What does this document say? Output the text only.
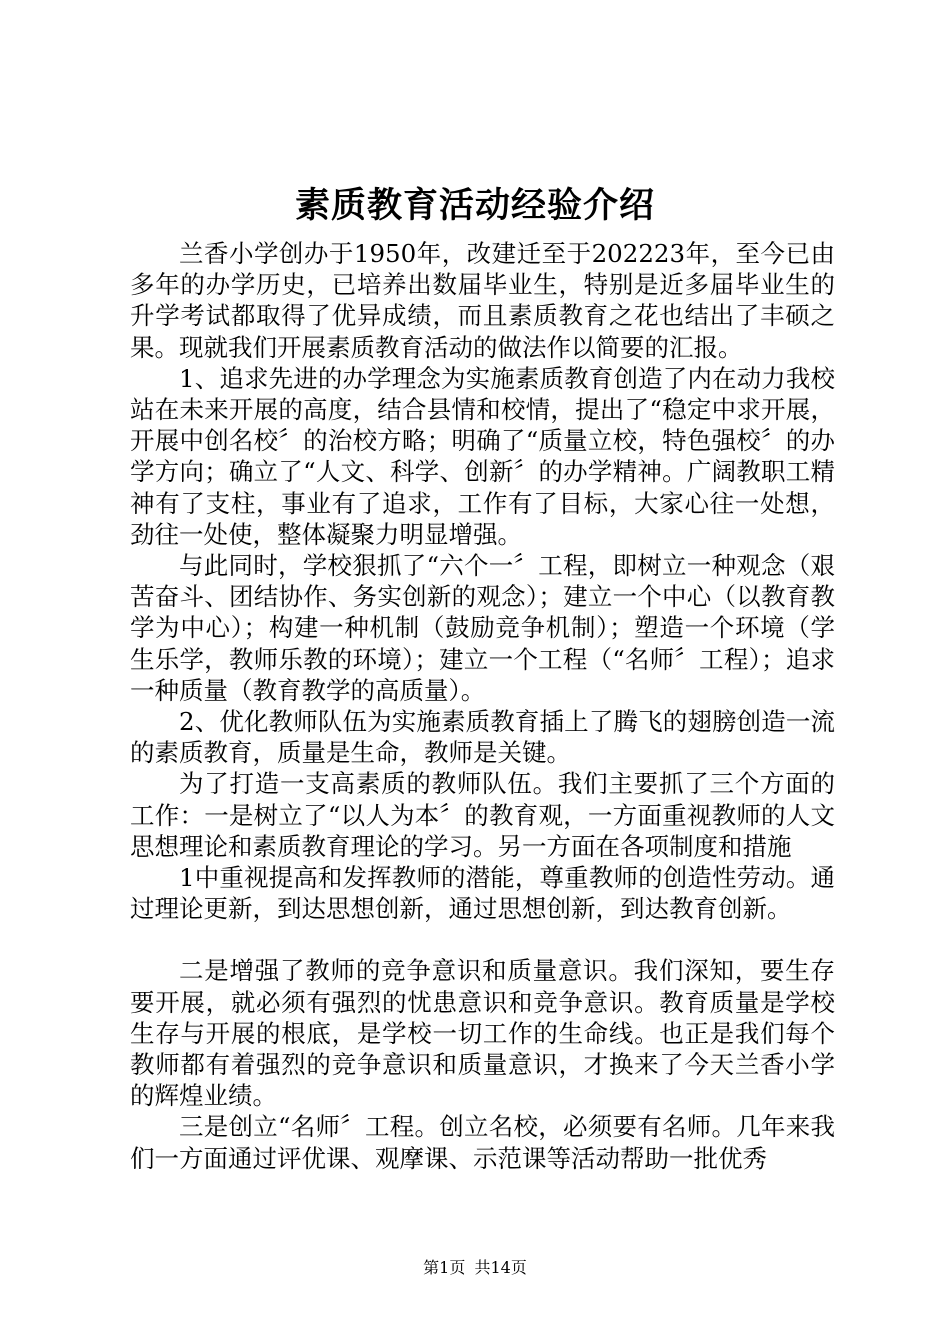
素质教育活动经验介绍

兰香小学创办于1950年，改建迁至于202223年，至今已由多年的办学历史，已培养出数届毕业生，特别是近多届毕业生的升学考试都取得了优异成绩，而且素质教育之花也结出了丰硕之果。现就我们开展素质教育活动的做法作以简要的汇报。

1、追求先进的办学理念为实施素质教育创造了内在动力我校站在未来开展的高度，结合县情和校情，提出了“稳定中求开展，开展中创名校〞的治校方略；明确了“质量立校，特色强校〞的办学方向；确立了“人文、科学、创新〞的办学精神。广阔教职工精神有了支柱，事业有了追求，工作有了目标，大家心往一处想，劲往一处使，整体凝聚力明显增强。

与此同时，学校狠抓了“六个一〞工程，即树立一种观念（艰苦奋斗、团结协作、务实创新的观念）；建立一个中心（以教育教学为中心）；构建一种机制（鼓励竞争机制）；塑造一个环境（学生乐学，教师乐教的环境）；建立一个工程（“名师〞工程）；追求一种质量（教育教学的高质量）。

2、优化教师队伍为实施素质教育插上了腾飞的翅膀创造一流的素质教育，质量是生命，教师是关键。

为了打造一支高素质的教师队伍。我们主要抓了三个方面的工作：一是树立了“以人为本〞的教育观，一方面重视教师的人文思想理论和素质教育理论的学习。另一方面在各项制度和措施

1中重视提高和发挥教师的潜能，尊重教师的创造性劳动。通过理论更新，到达思想创新，通过思想创新，到达教育创新。

二是增强了教师的竞争意识和质量意识。我们深知，要生存要开展，就必须有强烈的忧患意识和竞争意识。教育质量是学校生存与开展的根底，是学校一切工作的生命线。也正是我们每个教师都有着强烈的竞争意识和质量意识，才换来了今天兰香小学的辉煌业绩。

三是创立“名师〞工程。创立名校，必须要有名师。几年来我们一方面通过评优课、观摩课、示范课等活动帮助一批优秀

第1页 共14页
